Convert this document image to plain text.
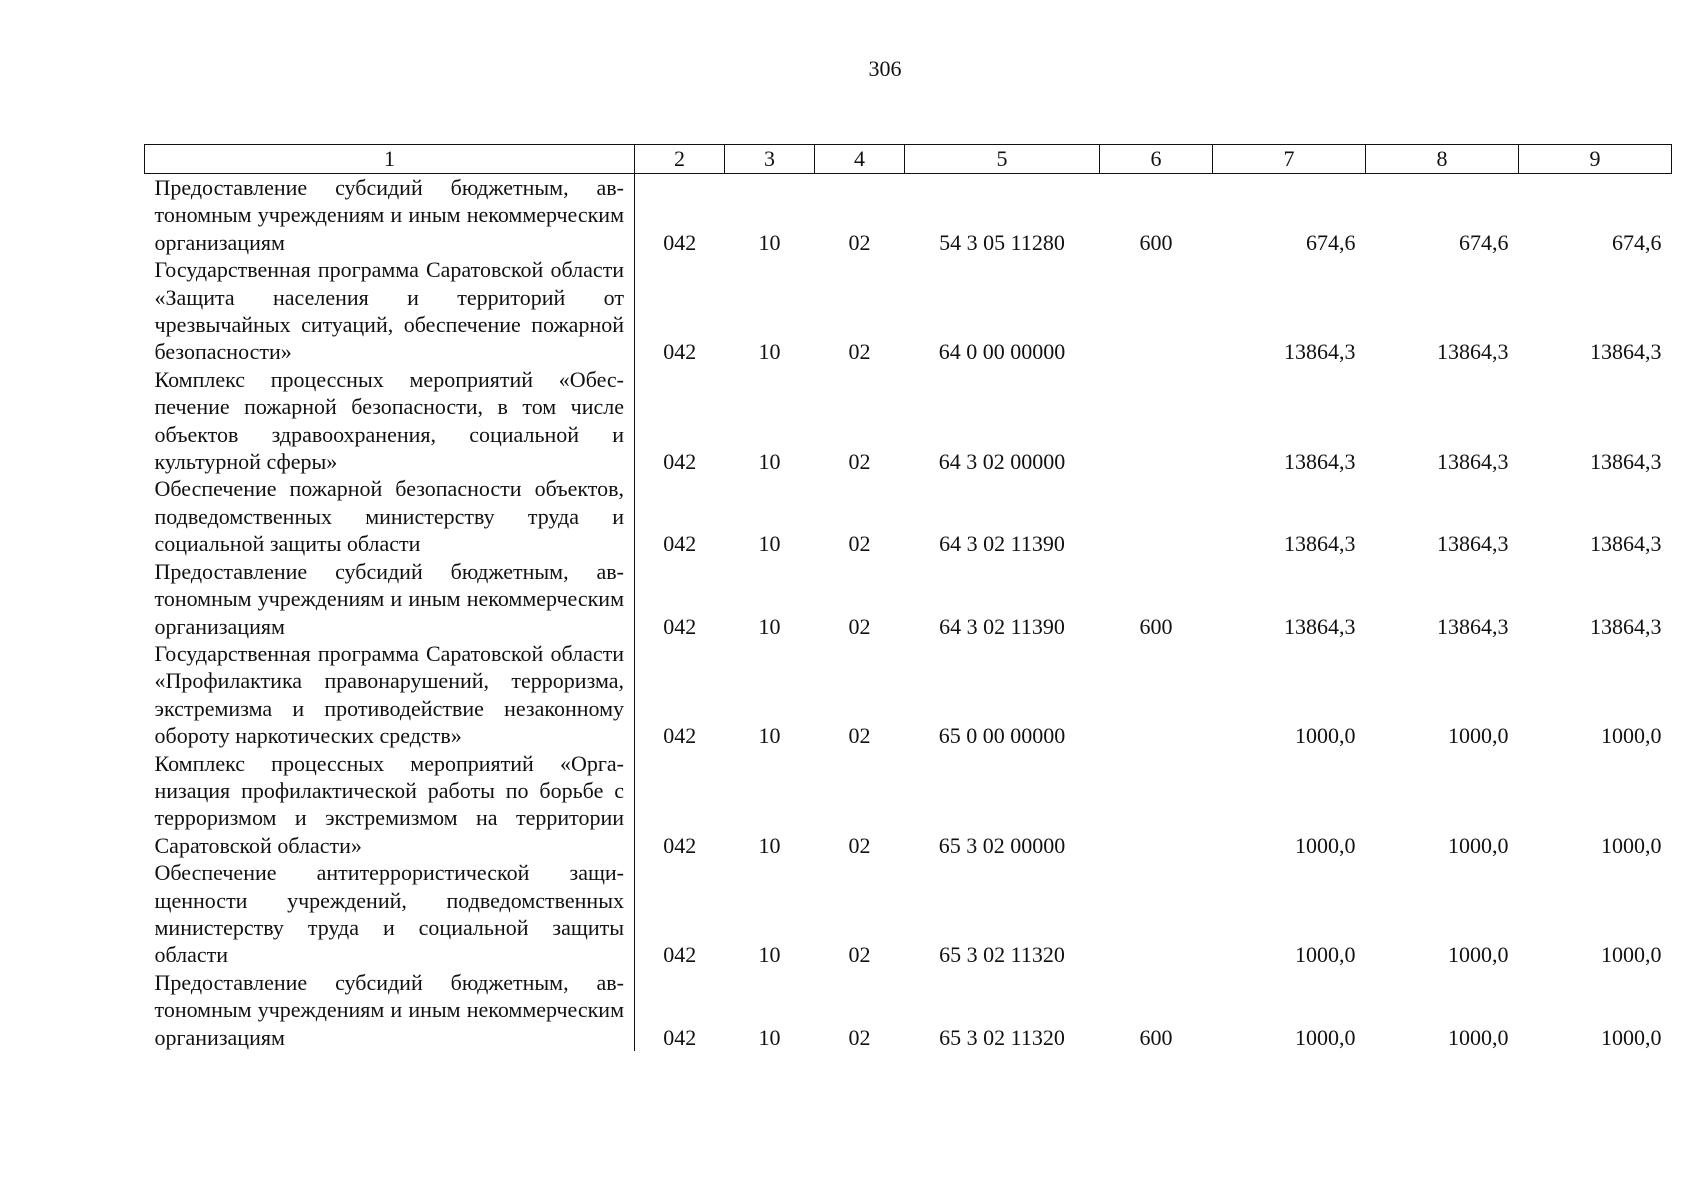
306
1	2	3	4	5	6	7	8	9
Предоставление субсидий бюджетным, автономным учреждениям и иным некоммерческим организациям	042	10	02	54 3 05 11280	600	674,6	674,6	674,6
Государственная программа Саратовской области «Защита населения и территорий от чрезвычайных ситуаций, обеспечение пожарной безопасности»	042	10	02	64 0 00 00000		13864,3	13864,3	13864,3
Комплекс процессных мероприятий «Обеспечение пожарной безопасности, в том числе объектов здравоохранения, социальной и культурной сферы»	042	10	02	64 3 02 00000		13864,3	13864,3	13864,3
Обеспечение пожарной безопасности объектов, подведомственных министерству труда и социальной защиты области	042	10	02	64 3 02 11390		13864,3	13864,3	13864,3
Предоставление субсидий бюджетным, автономным учреждениям и иным некоммерческим организациям	042	10	02	64 3 02 11390	600	13864,3	13864,3	13864,3
Государственная программа Саратовской области «Профилактика правонарушений, терроризма, экстремизма и противодействие незаконному обороту наркотических средств»	042	10	02	65 0 00 00000		1000,0	1000,0	1000,0
Комплекс процессных мероприятий «Организация профилактической работы по борьбе с терроризмом и экстремизмом на территории Саратовской области»	042	10	02	65 3 02 00000		1000,0	1000,0	1000,0
Обеспечение антитеррористической защищенности учреждений, подведомственных министерству труда и социальной защиты области	042	10	02	65 3 02 11320		1000,0	1000,0	1000,0
Предоставление субсидий бюджетным, автономным учреждениям и иным некоммерческим организациям	042	10	02	65 3 02 11320	600	1000,0	1000,0	1000,0
